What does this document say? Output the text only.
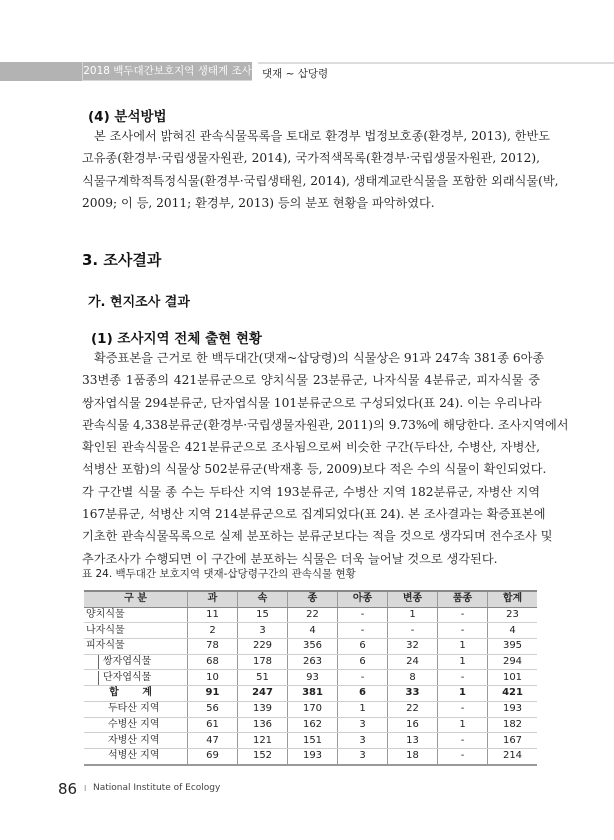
2018 백두대간보호지역 생태계 조사 댓재 ~ 삽당령
(4) 분석방법
본 조사에서 밝혀진 관속식물목록을 토대로 환경부 법정보호종(환경부, 2013), 한반도
고유종(환경부·국립생물자원관, 2014), 국가적색목록(환경부·국립생물자원관, 2012),
식물구계학적특정식물(환경부·국립생태원, 2014), 생태계교란식물을 포함한 외래식물(박,
2009; 이 등, 2011; 환경부, 2013) 등의 분포 현황을 파악하였다.
3. 조사결과
가. 현지조사 결과
(1) 조사지역 전체 출현 현황
확증표본을 근거로 한 백두대간(댓재~삽당령)의 식물상은 91과 247속 381종 6아종
33변종 1품종의 421분류군으로 양치식물 23분류군, 나자식물 4분류군, 피자식물 중
쌍자엽식물 294분류군, 단자엽식물 101분류군으로 구성되었다(표 24). 이는 우리나라
관속식물 4,338분류군(환경부·국립생물자원관, 2011)의 9.73%에 해당한다. 조사지역에서
확인된 관속식물은 421분류군으로 조사됨으로써 비슷한 구간(두타산, 수병산, 자병산,
석병산 포함)의 식물상 502분류군(박재홍 등, 2009)보다 적은 수의 식물이 확인되었다.
각 구간별 식물 종 수는 두타산 지역 193분류군, 수병산 지역 182분류군, 자병산 지역
167분류군, 석병산 지역 214분류군으로 집계되었다(표 24). 본 조사결과는 확증표본에
기초한 관속식물목록으로 실제 분포하는 분류군보다는 적을 것으로 생각되며 전수조사 및
추가조사가 수행되면 이 구간에 분포하는 식물은 더욱 늘어날 것으로 생각된다.
표 24. 백두대간 보호지역 댓재-삽당령구간의 관속식물 현황
구 분	과	속	종	아종	변종	품종	합계
양치식물	11	15	22	-	1	-	23
나자식물	2	3	4	-	-	-	4
피자식물	78	229	356	6	32	1	395
쌍자엽식물	68	178	263	6	24	1	294
단자엽식물	10	51	93	-	8	-	101
합 계	91	247	381	6	33	1	421
두타산 지역	56	139	170	1	22	-	193
수병산 지역	61	136	162	3	16	1	182
자병산 지역	47	121	151	3	13	-	167
석병산 지역	69	152	193	3	18	-	214
86 I National Institute of Ecology
